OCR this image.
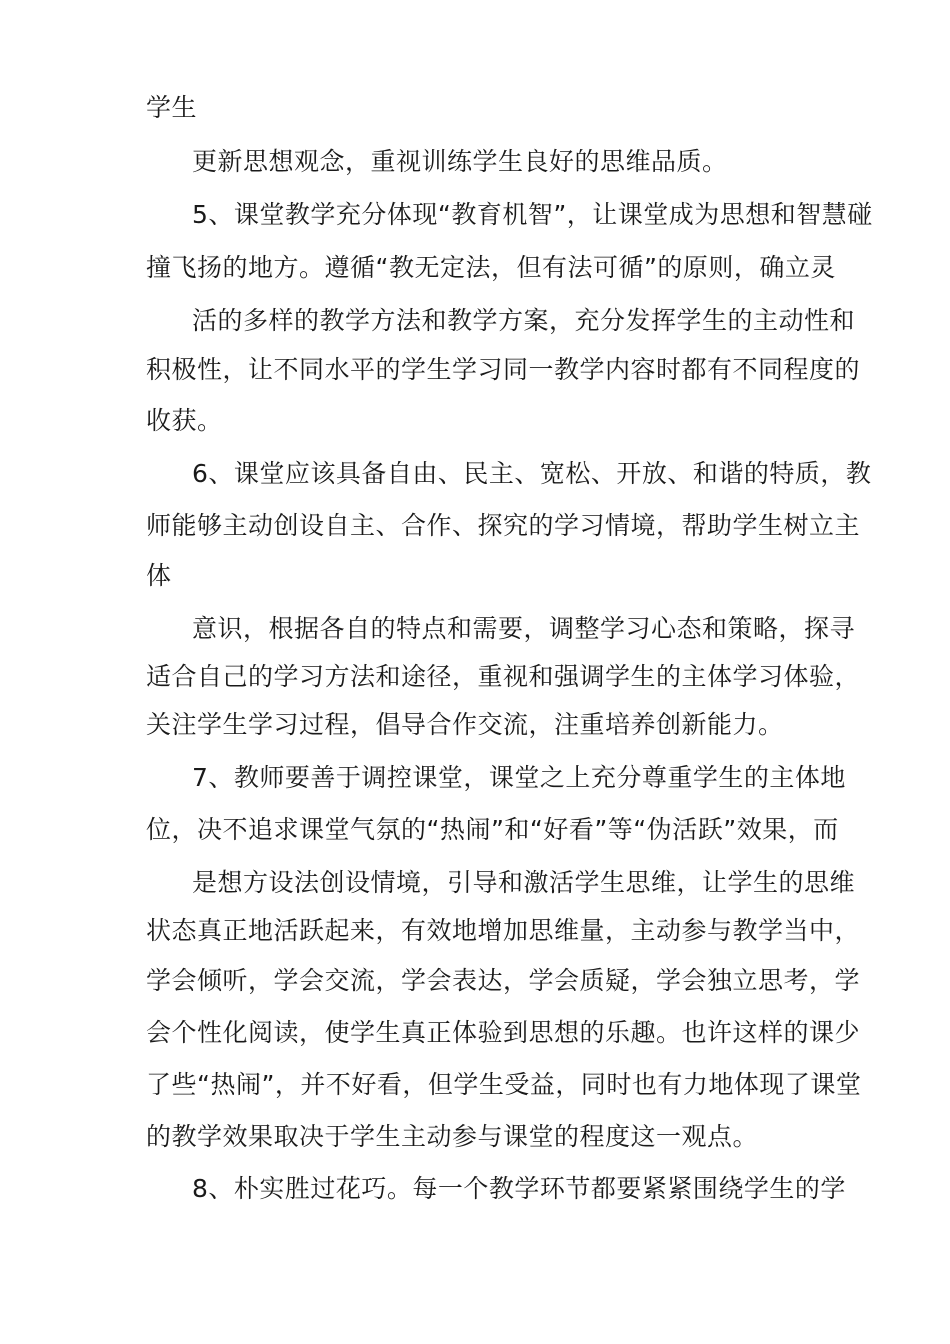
学生
更新思想观念，重视训练学生良好的思维品质。
5、课堂教学充分体现“教育机智”，让课堂成为思想和智慧碰
撞飞扬的地方。遵循“教无定法，但有法可循”的原则，确立灵
活的多样的教学方法和教学方案，充分发挥学生的主动性和
积极性，让不同水平的学生学习同一教学内容时都有不同程度的
收获。
6、课堂应该具备自由、民主、宽松、开放、和谐的特质，教
师能够主动创设自主、合作、探究的学习情境，帮助学生树立主
体
意识，根据各自的特点和需要，调整学习心态和策略，探寻
适合自己的学习方法和途径，重视和强调学生的主体学习体验，
关注学生学习过程，倡导合作交流，注重培养创新能力。
7、教师要善于调控课堂，课堂之上充分尊重学生的主体地
位，决不追求课堂气氛的“热闹”和“好看”等“伪活跃”效果，而
是想方设法创设情境，引导和激活学生思维，让学生的思维
状态真正地活跃起来，有效地增加思维量，主动参与教学当中，
学会倾听，学会交流，学会表达，学会质疑，学会独立思考，学
会个性化阅读，使学生真正体验到思想的乐趣。也许这样的课少
了些“热闹”，并不好看，但学生受益，同时也有力地体现了课堂
的教学效果取决于学生主动参与课堂的程度这一观点。
8、朴实胜过花巧。每一个教学环节都要紧紧围绕学生的学
